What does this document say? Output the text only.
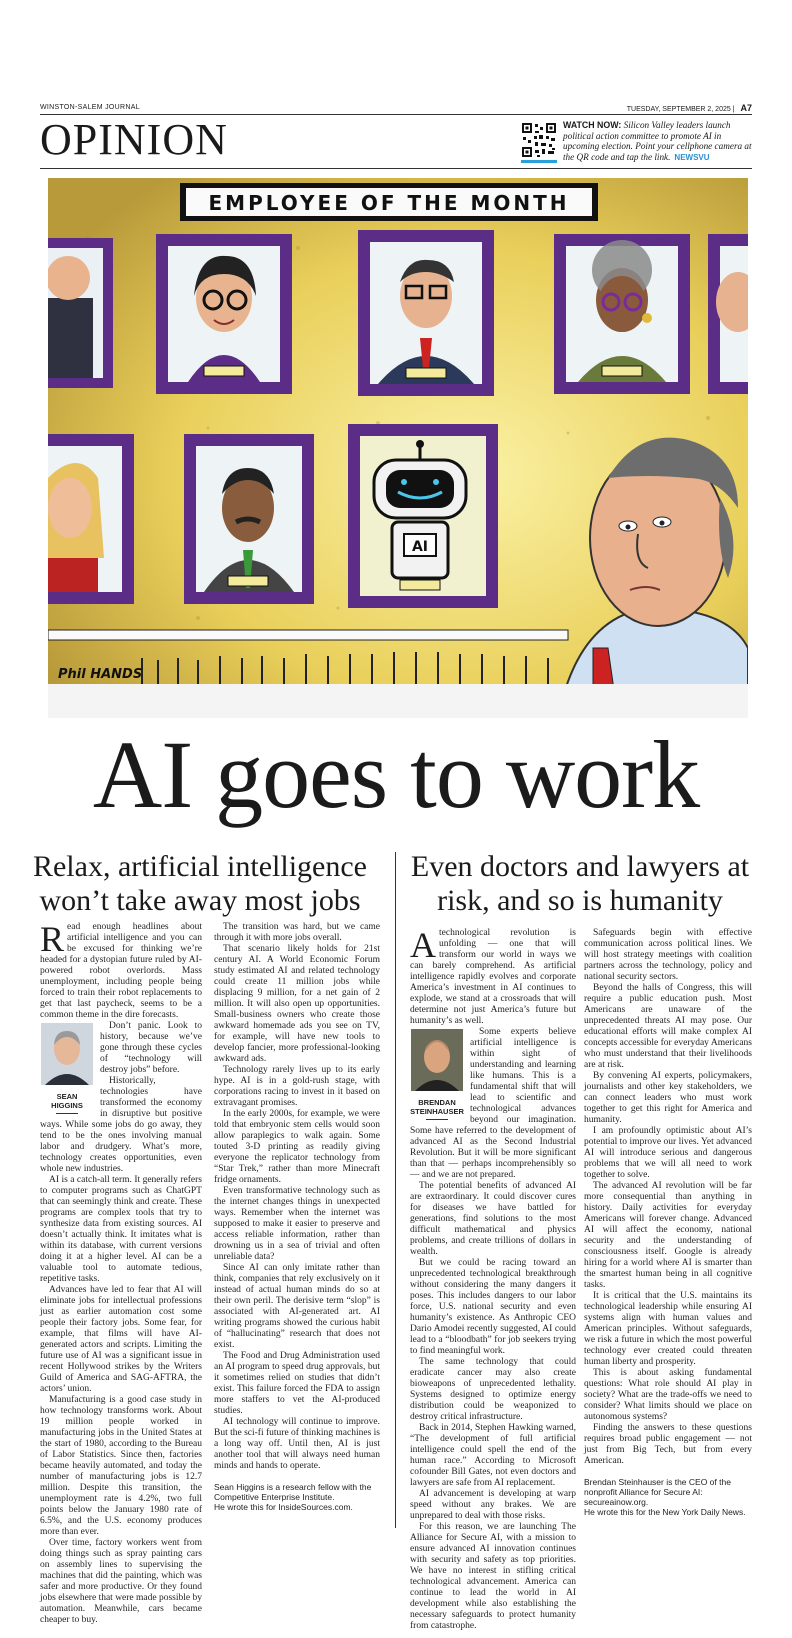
WINSTON-SALEM JOURNAL	TUESDAY, SEPTEMBER 2, 2025 | A7
OPINION	WATCH NOW: Silicon Valley leaders launch political action committee to promote AI in upcoming election. Point your cellphone camera at the QR code and tap the link. NEWSVU
EMPLOYEE OF THE MONTH
AI
Phil HANDS
AI goes to work
Relax, artificial intelligence won’t take away most jobs
Even doctors and lawyers at risk, and so is humanity

Read enough headlines about artificial intelligence and you can be excused for thinking we’re headed for a dystopian future ruled by AI-powered robot overlords. Mass unemployment, including people being forced to train their robot replacements to get that last paycheck, seems to be a common theme in the dire forecasts.

SEAN
HIGGINS

Don’t panic. Look to history, because we’ve gone through these cycles of “technology will destroy jobs” before.

Historically, technologies have transformed the economy in disruptive but positive ways. While some jobs do go away, they tend to be the ones involving manual labor and drudgery. What’s more, technology creates opportunities, even whole new industries.

AI is a catch-all term. It generally refers to computer programs such as ChatGPT that can seemingly think and create. These programs are complex tools that try to synthesize data from existing sources. AI doesn’t actually think. It imitates what is within its database, with current versions doing it at a higher level. AI can be a valuable tool to automate tedious, repetitive tasks.

Advances have led to fear that AI will eliminate jobs for intellectual professions just as earlier automation cost some people their factory jobs. Some fear, for example, that films will have AI-generated actors and scripts. Limiting the future use of AI was a significant issue in recent Hollywood strikes by the Writers Guild of America and SAG-AFTRA, the actors’ union.

Manufacturing is a good case study in how technology transforms work. About 19 million people worked in manufacturing jobs in the United States at the start of 1980, according to the Bureau of Labor Statistics. Since then, factories became heavily automated, and today the number of manufacturing jobs is 12.7 million. Despite this transition, the unemployment rate is 4.2%, two full points below the January 1980 rate of 6.5%, and the U.S. economy produces more than ever.

Over time, factory workers went from doing things such as spray painting cars on assembly lines to supervising the machines that did the painting, which was safer and more productive. Or they found jobs elsewhere that were made possible by automation. Meanwhile, cars became cheaper to buy.

The transition was hard, but we came through it with more jobs overall.

That scenario likely holds for 21st century AI. A World Economic Forum study estimated AI and related technology could create 11 million jobs while displacing 9 million, for a net gain of 2 million. It will also open up opportunities. Small-business owners who create those awkward homemade ads you see on TV, for example, will have new tools to develop fancier, more professional-looking awkward ads.

Technology rarely lives up to its early hype. AI is in a gold-rush stage, with corporations racing to invest in it based on extravagant promises.

In the early 2000s, for example, we were told that embryonic stem cells would soon allow paraplegics to walk again. Some touted 3-D printing as readily giving everyone the replicator technology from “Star Trek,” rather than more Minecraft fridge ornaments.

Even transformative technology such as the internet changes things in unexpected ways. Remember when the internet was supposed to make it easier to preserve and access reliable information, rather than drowning us in a sea of trivial and often unreliable data?

Since AI can only imitate rather than think, companies that rely exclusively on it instead of actual human minds do so at their own peril. The derisive term “slop” is associated with AI-generated art. AI writing programs showed the curious habit of “hallucinating” research that does not exist.

The Food and Drug Administration used an AI program to speed drug approvals, but it sometimes relied on studies that didn’t exist. This failure forced the FDA to assign more staffers to vet the AI-produced studies.

AI technology will continue to improve. But the sci-fi future of thinking machines is a long way off. Until then, AI is just another tool that will always need human minds and hands to operate.

Sean Higgins is a research fellow with the Competitive Enterprise Institute.
He wrote this for InsideSources.com.

Atechnological revolution is unfolding — one that will transform our world in ways we can barely comprehend. As artificial intelligence rapidly evolves and corporate America’s investment in AI continues to explode, we stand at a crossroads that will determine not just America’s future but humanity’s as well.

BRENDAN
STEINHAUSER

Some experts believe artificial intelligence is within sight of understanding and learning like humans. This is a fundamental shift that will lead to scientific and technological advances beyond our imagination. Some have referred to the development of advanced AI as the Second Industrial Revolution. But it will be more significant than that — perhaps incomprehensibly so — and we are not prepared.

The potential benefits of advanced AI are extraordinary. It could discover cures for diseases we have battled for generations, find solutions to the most difficult mathematical and physics problems, and create trillions of dollars in wealth.

But we could be racing toward an unprecedented technological breakthrough without considering the many dangers it poses. This includes dangers to our labor force, U.S. national security and even humanity’s existence. As Anthropic CEO Dario Amodei recently suggested, AI could lead to a “bloodbath” for job seekers trying to find meaningful work.

The same technology that could eradicate cancer may also create bioweapons of unprecedented lethality. Systems designed to optimize energy distribution could be weaponized to destroy critical infrastructure.

Back in 2014, Stephen Hawking warned, “The development of full artificial intelligence could spell the end of the human race.” According to Microsoft cofounder Bill Gates, not even doctors and lawyers are safe from AI replacement.

AI advancement is developing at warp speed without any brakes. We are unprepared to deal with those risks.

For this reason, we are launching The Alliance for Secure AI, with a mission to ensure advanced AI innovation continues with security and safety as top priorities. We have no interest in stifling critical technological advancement. America can continue to lead the world in AI development while also establishing the necessary safeguards to protect humanity from catastrophe.

Safeguards begin with effective communication across political lines. We will host strategy meetings with coalition partners across the technology, policy and national security sectors.

Beyond the halls of Congress, this will require a public education push. Most Americans are unaware of the unprecedented threats AI may pose. Our educational efforts will make complex AI concepts accessible for everyday Americans who must understand that their livelihoods are at risk.

By convening AI experts, policymakers, journalists and other key stakeholders, we can connect leaders who must work together to get this right for America and humanity.

I am profoundly optimistic about AI’s potential to improve our lives. Yet advanced AI will introduce serious and dangerous problems that we will all need to work together to solve.

The advanced AI revolution will be far more consequential than anything in history. Daily activities for everyday Americans will forever change. Advanced AI will affect the economy, national security and the understanding of consciousness itself. Google is already hiring for a world where AI is smarter than the smartest human being in all cognitive tasks.

It is critical that the U.S. maintains its technological leadership while ensuring AI systems align with human values and American principles. Without safeguards, we risk a future in which the most powerful technology ever created could threaten human liberty and prosperity.

This is about asking fundamental questions: What role should AI play in society? What are the trade-offs we need to consider? What limits should we place on autonomous systems?

Finding the answers to these questions requires broad public engagement — not just from Big Tech, but from every American.

Brendan Steinhauser is the CEO of the nonprofit Alliance for Secure AI: secureainow.org.
He wrote this for the New York Daily News.
